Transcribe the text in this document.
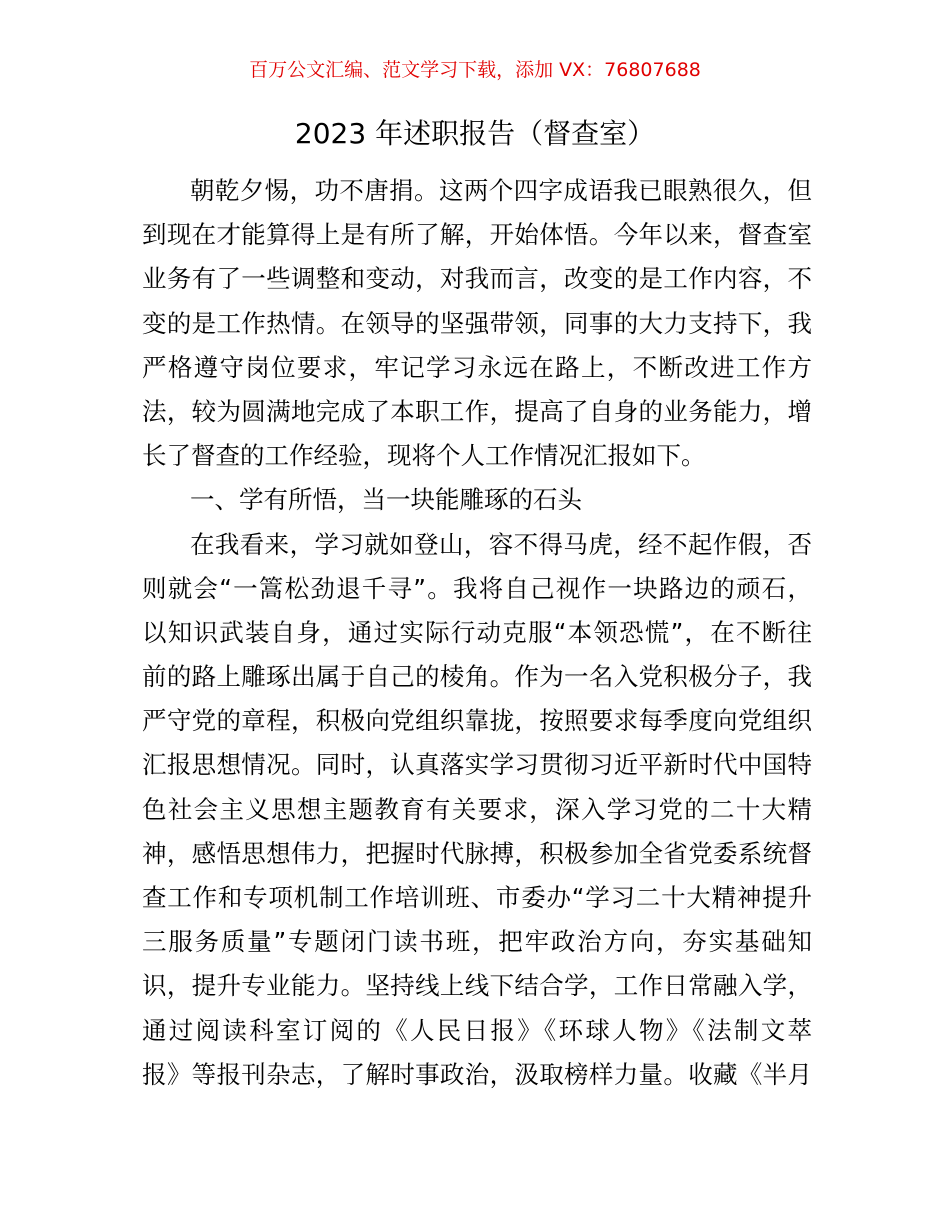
百万公文汇编、范文学习下载，添加 VX：76807688
2023 年述职报告（督查室）
朝乾夕惕，功不唐捐。这两个四字成语我已眼熟很久，但
到现在才能算得上是有所了解，开始体悟。今年以来，督查室
业务有了一些调整和变动，对我而言，改变的是工作内容，不
变的是工作热情。在领导的坚强带领，同事的大力支持下，我
严格遵守岗位要求，牢记学习永远在路上，不断改进工作方
法，较为圆满地完成了本职工作，提高了自身的业务能力，增
长了督查的工作经验，现将个人工作情况汇报如下。
一、学有所悟，当一块能雕琢的石头
在我看来，学习就如登山，容不得马虎，经不起作假，否
则就会“一篙松劲退千寻”。我将自己视作一块路边的顽石，
以知识武装自身，通过实际行动克服“本领恐慌”，在不断往
前的路上雕琢出属于自己的棱角。作为一名入党积极分子，我
严守党的章程，积极向党组织靠拢，按照要求每季度向党组织
汇报思想情况。同时，认真落实学习贯彻习近平新时代中国特
色社会主义思想主题教育有关要求，深入学习党的二十大精
神，感悟思想伟力，把握时代脉搏，积极参加全省党委系统督
查工作和专项机制工作培训班、市委办“学习二十大精神提升
三服务质量”专题闭门读书班，把牢政治方向，夯实基础知
识，提升专业能力。坚持线上线下结合学，工作日常融入学，
通过阅读科室订阅的《人民日报》《环球人物》《法制文萃
报》等报刊杂志，了解时事政治，汲取榜样力量。收藏《半月
